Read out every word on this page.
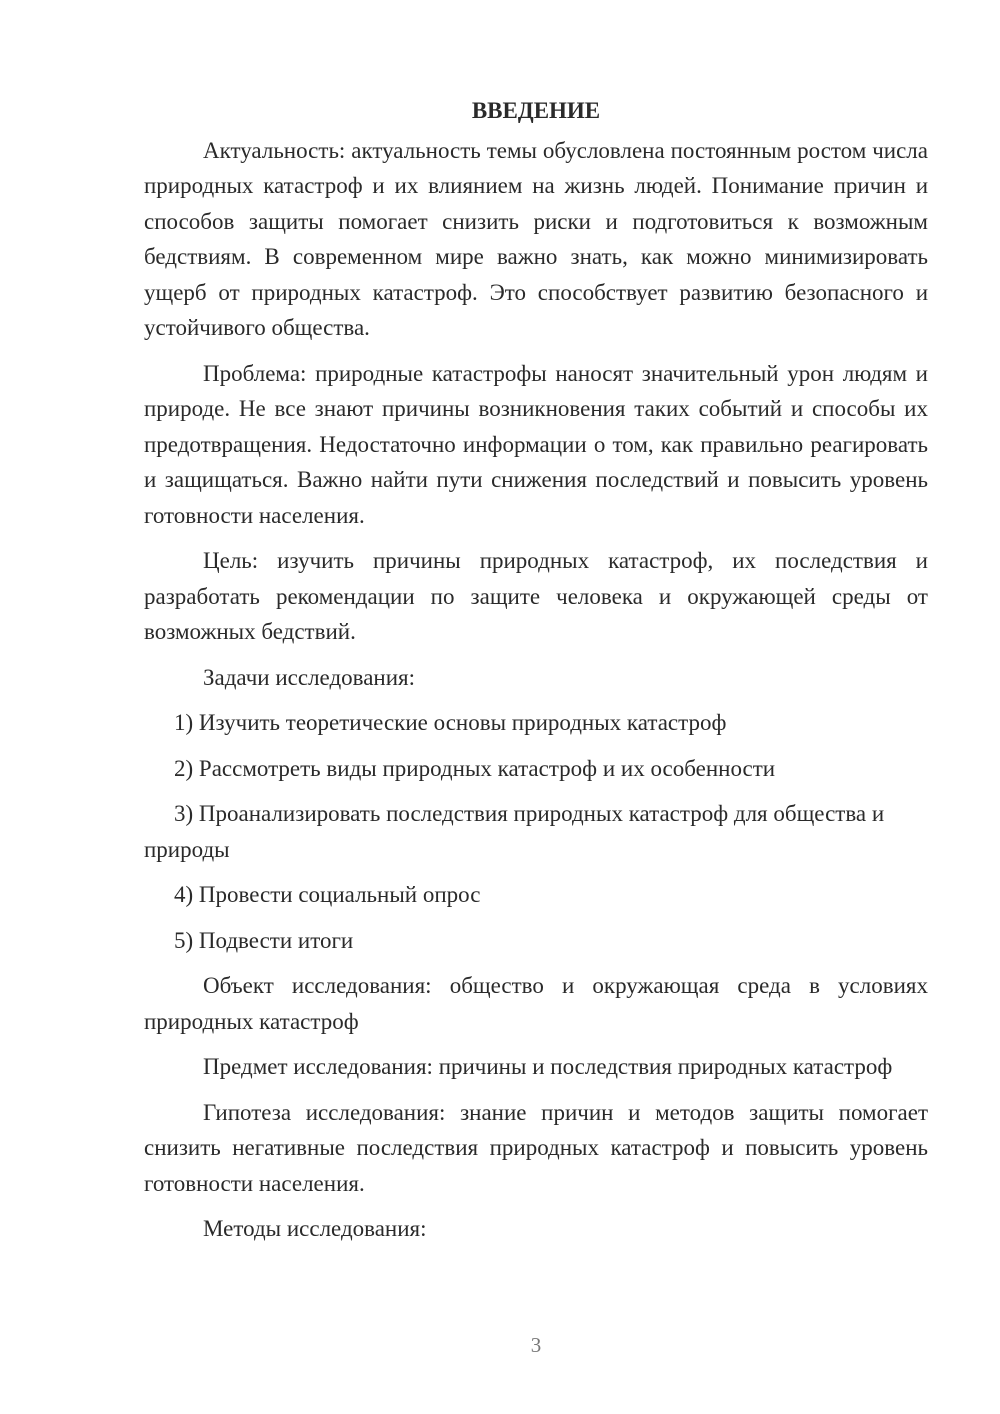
ВВЕДЕНИЕ

Актуальность: актуальность темы обусловлена постоянным ростом числа природных катастроф и их влиянием на жизнь людей. Понимание причин и способов защиты помогает снизить риски и подготовиться к возможным бедствиям. В современном мире важно знать, как можно минимизировать ущерб от природных катастроф. Это способствует развитию безопасного и устойчивого общества.

Проблема: природные катастрофы наносят значительный урон людям и природе. Не все знают причины возникновения таких событий и способы их предотвращения. Недостаточно информации о том, как правильно реагировать и защищаться. Важно найти пути снижения последствий и повысить уровень готовности населения.

Цель: изучить причины природных катастроф, их последствия и разработать рекомендации по защите человека и окружающей среды от возможных бедствий.

Задачи исследования:

1) Изучить теоретические основы природных катастроф

2) Рассмотреть виды природных катастроф и их особенности

3) Проанализировать последствия природных катастроф для общества и природы

4) Провести социальный опрос

5) Подвести итоги

Объект исследования: общество и окружающая среда в условиях природных катастроф

Предмет исследования: причины и последствия природных катастроф

Гипотеза исследования: знание причин и методов защиты помогает снизить негативные последствия природных катастроф и повысить уровень готовности населения.

Методы исследования:

3
